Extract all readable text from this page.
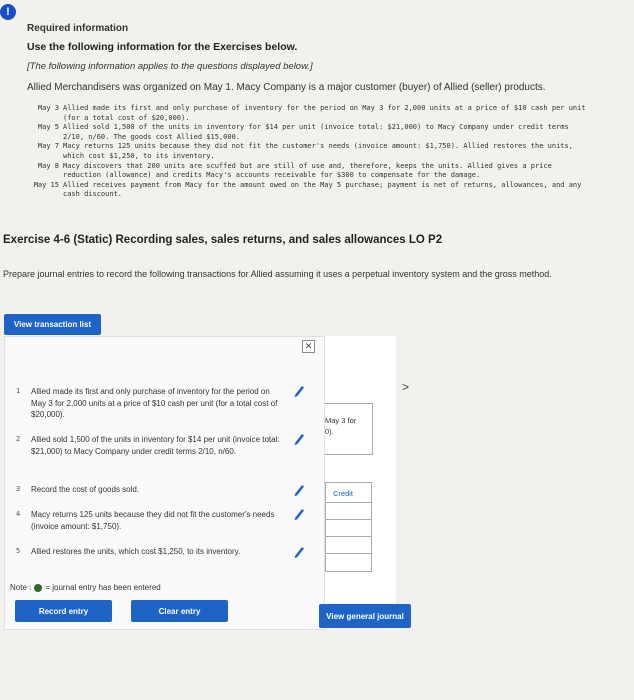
!
Required information
Use the following information for the Exercises below.
[The following information applies to the questions displayed below.]
Allied Merchandisers was organized on May 1. Macy Company is a major customer (buyer) of Allied (seller) products.
May 3 Allied made its first and only purchase of inventory for the period on May 3 for 2,000 units at a price of $10 cash per unit (for a total cost of $20,000).
May 5 Allied sold 1,500 of the units in inventory for $14 per unit (invoice total: $21,000) to Macy Company under credit terms 2/10, n/60. The goods cost Allied $15,000.
May 7 Macy returns 125 units because they did not fit the customer's needs (invoice amount: $1,750). Allied restores the units, which cost $1,250, to its inventory.
May 8 Macy discovers that 200 units are scuffed but are still of use and, therefore, keeps the units. Allied gives a price reduction (allowance) and credits Macy's accounts receivable for $300 to compensate for the damage.
May 15 Allied receives payment from Macy for the amount owed on the May 5 purchase; payment is net of returns, allowances, and any cash discount.
Exercise 4-6 (Static) Recording sales, sales returns, and sales allowances LO P2
Prepare journal entries to record the following transactions for Allied assuming it uses a perpetual inventory system and the gross method.
View transaction list
May 3 for
0).
Credit
>
✕
1	Allied made its first and only purchase of inventory for the period on May 3 for 2,000 units at a price of $10 cash per unit (for a total cost of $20,000).
2	Allied sold 1,500 of the units in inventory for $14 per unit (invoice total: $21,000) to Macy Company under credit terms 2/10, n/60.
3	Record the cost of goods sold.
4	Macy returns 125 units because they did not fit the customer's needs (invoice amount: $1,750).
5	Allied restores the units, which cost $1,250, to its inventory.
Note : = journal entry has been entered
Record entry	Clear entry
View general journal
